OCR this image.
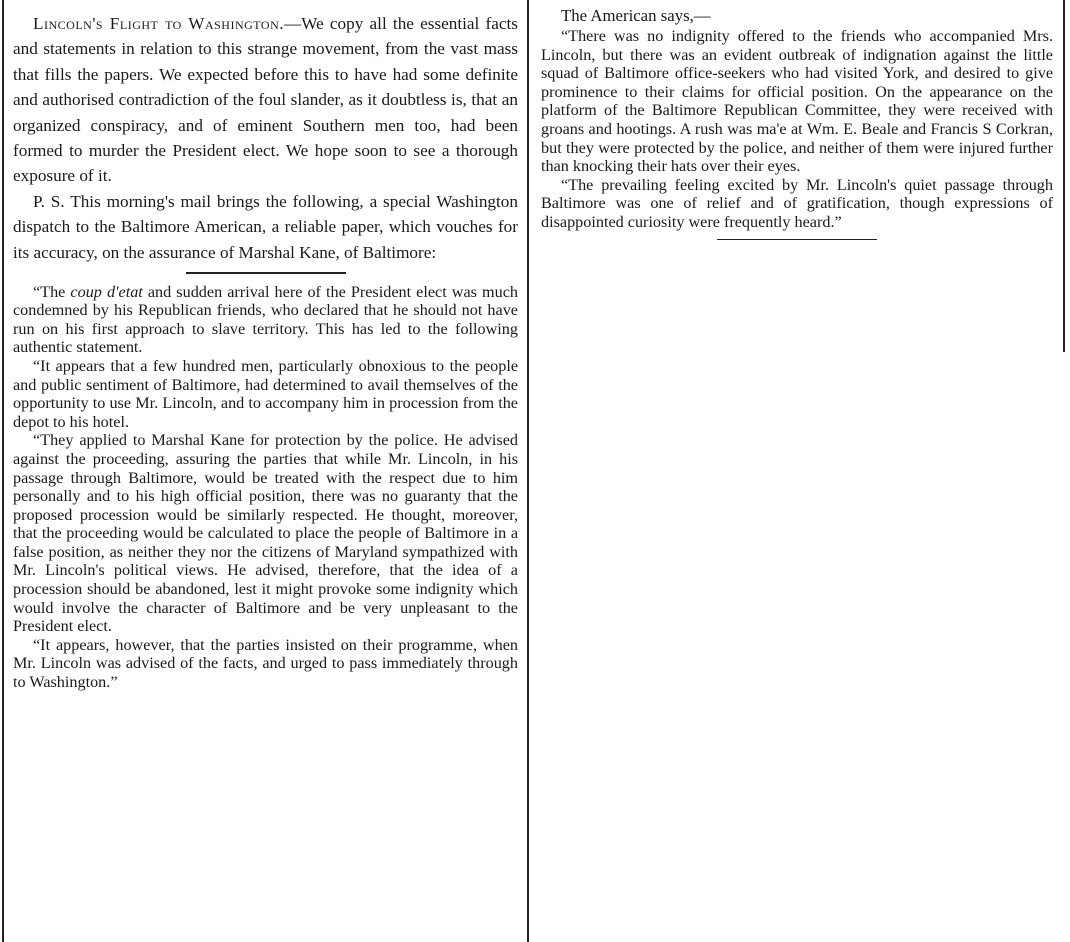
Lincoln's Flight to Washington.—We copy all the essential facts and statements in relation to this strange movement, from the vast mass that fills the papers. We expected before this to have had some definite and authorised contradiction of the foul slander, as it doubtless is, that an organized conspiracy, and of eminent Southern men too, had been formed to murder the President elect. We hope soon to see a thorough exposure of it.

P. S. This morning's mail brings the following, a special Washington dispatch to the Baltimore American, a reliable paper, which vouches for its accuracy, on the assurance of Marshal Kane, of Baltimore:

“The coup d'etat and sudden arrival here of the President elect was much condemned by his Republican friends, who declared that he should not have run on his first approach to slave territory. This has led to the following authentic statement.

“It appears that a few hundred men, particularly obnoxious to the people and public sentiment of Baltimore, had determined to avail themselves of the opportunity to use Mr. Lincoln, and to accompany him in procession from the depot to his hotel.

“They applied to Marshal Kane for protection by the police. He advised against the proceeding, assuring the parties that while Mr. Lincoln, in his passage through Baltimore, would be treated with the respect due to him personally and to his high official position, there was no guaranty that the proposed procession would be similarly respected. He thought, moreover, that the proceeding would be calculated to place the people of Baltimore in a false position, as neither they nor the citizens of Maryland sympathized with Mr. Lincoln's political views. He advised, therefore, that the idea of a procession should be abandoned, lest it might provoke some indignity which would involve the character of Baltimore and be very unpleasant to the President elect.

“It appears, however, that the parties insisted on their programme, when Mr. Lincoln was advised of the facts, and urged to pass immediately through to Washington.”

The American says,—

“There was no indignity offered to the friends who accompanied Mrs. Lincoln, but there was an evident outbreak of indignation against the little squad of Baltimore office-seekers who had visited York, and desired to give prominence to their claims for official position. On the appearance on the platform of the Baltimore Republican Committee, they were received with groans and hootings. A rush was ma'e at Wm. E. Beale and Francis S Corkran, but they were protected by the police, and neither of them were injured further than knocking their hats over their eyes.

“The prevailing feeling excited by Mr. Lincoln's quiet passage through Baltimore was one of relief and of gratification, though expressions of disappointed curiosity were frequently heard.”
